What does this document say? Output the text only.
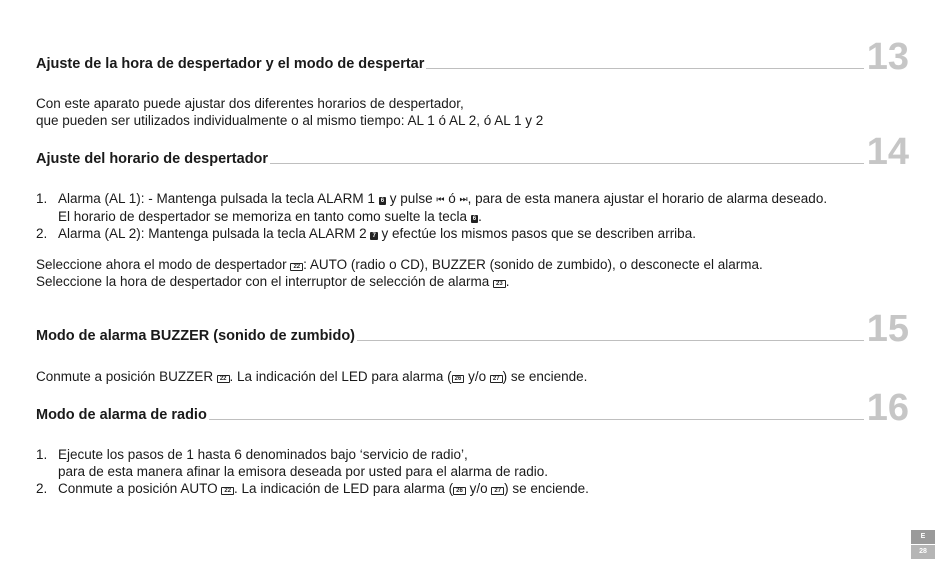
Ajuste de la hora de despertador y el modo de despertar	13

Con este aparato puede ajustar dos diferentes horarios de despertador,

que pueden ser utilizados individualmente o al mismo tiempo: AL 1 ó AL 2, ó AL 1 y 2

Ajuste del horario de despertador	14
1. Alarma (AL 1): - Mantenga pulsada la tecla ALARM 1 6 y pulse ⏮ ó ⏭, para de esta manera ajustar el horario de alarma deseado.
El horario de despertador se memoriza en tanto como suelte la tecla 6 .
2. Alarma (AL 2): Mantenga pulsada la tecla ALARM 2 7 y efectúe los mismos pasos que se describen arriba.

Seleccione ahora el modo de despertador 22 : AUTO (radio o CD), BUZZER (sonido de zumbido), o desconecte el alarma.

Seleccione la hora de despertador con el interruptor de selección de alarma 23 .

Modo de alarma BUZZER (sonido de zumbido)	15

Conmute a posición BUZZER 22 . La indicación del LED para alarma ( 26 y/o 27 ) se enciende.

Modo de alarma de radio	16
1. Ejecute los pasos de 1 hasta 6 denominados bajo ‘servicio de radio’,
para de esta manera afinar la emisora deseada por usted para el alarma de radio.
2. Conmute a posición AUTO 22 . La indicación de LED para alarma ( 26 y/o 27 ) se enciende.
E
28
